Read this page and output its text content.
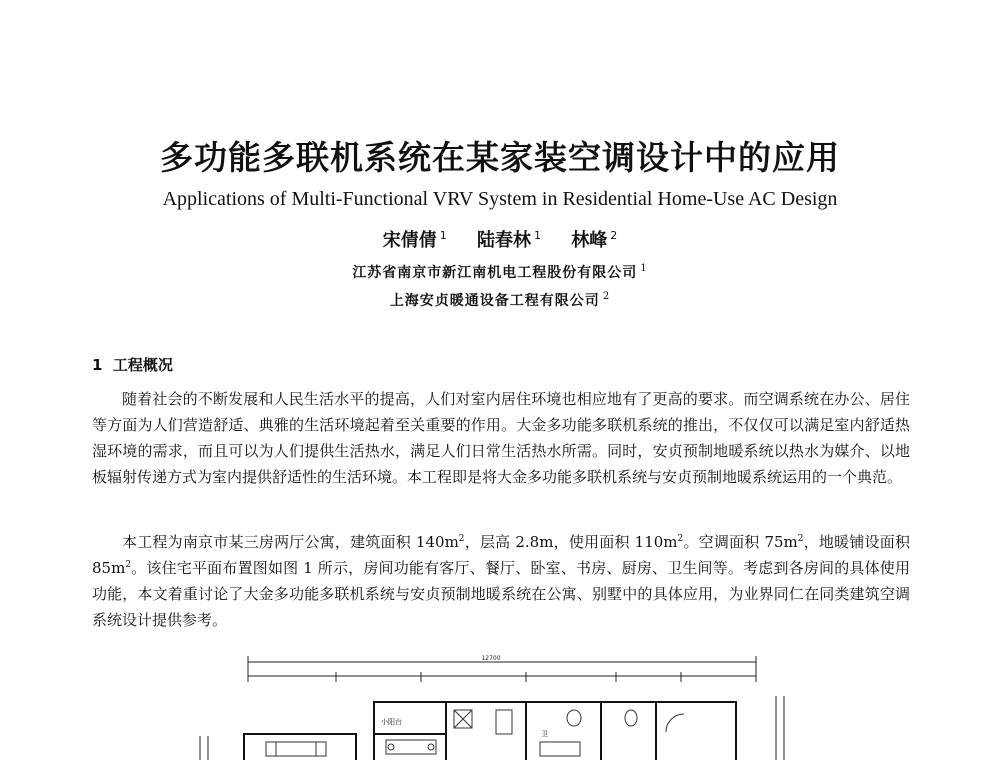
多功能多联机系统在某家装空调设计中的应用
Applications of Multi-Functional VRV System in Residential Home-Use AC Design
宋倩倩 $^1$ 陆春林 $^1$ 林峰 $^2$
江苏省南京市新江南机电工程股份有限公司 $^1$
上海安贞暖通设备工程有限公司 $^2$
1 工程概况

随着社会的不断发展和人民生活水平的提高，人们对室内居住环境也相应地有了更高的要求。而空调系统在办公、居住等方面为人们营造舒适、典雅的生活环境起着至关重要的作用。大金多功能多联机系统的推出，不仅仅可以满足室内舒适热湿环境的需求，而且可以为人们提供生活热水，满足人们日常生活热水所需。同时，安贞预制地暖系统以热水为媒介、以地板辐射传递方式为室内提供舒适性的生活环境。本工程即是将大金多功能多联机系统与安贞预制地暖系统运用的一个典范。

本工程为南京市某三房两厅公寓，建筑面积 $140m^2$，层高 2.8m，使用面积 $110m^2$。空调面积 $75m^2$，地暖铺设面积 $85m^2$。该住宅平面布置图如图 1 所示，房间功能有客厅、餐厅、卧室、书房、厨房、卫生间等。考虑到各房间的具体使用功能，本文着重讨论了大金多功能多联机系统与安贞预制地暖系统在公寓、别墅中的具体应用，为业界同仁在同类建筑空调系统设计提供参考。

12700
小阳台
卫
